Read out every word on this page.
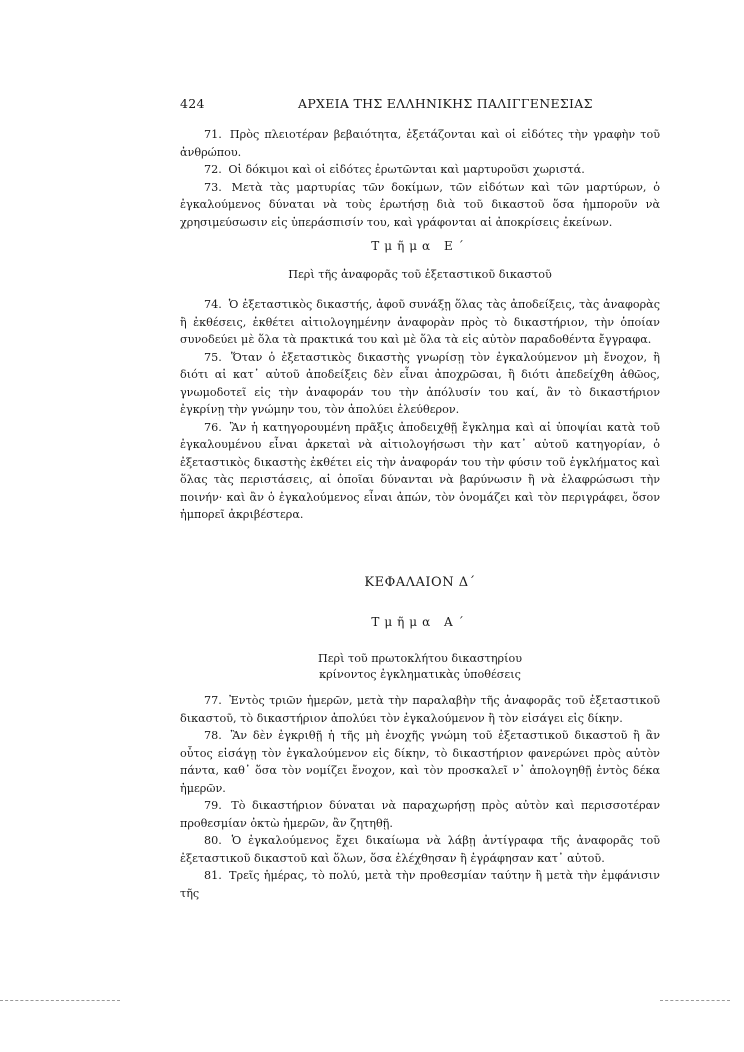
424	ΑΡΧΕΙΑ ΤΗΣ ΕΛΛΗΝΙΚΗΣ ΠΑΛΙΓΓΕΝΕΣΙΑΣ

71. Πρὸς πλειοτέραν βεβαιότητα, ἐξετάζονται καὶ οἱ εἰδότες τὴν γραφὴν τοῦ ἀνθρώπου.

72. Οἱ δόκιμοι καὶ οἱ εἰδότες ἐρωτῶνται καὶ μαρτυροῦσι χωριστά.

73. Μετὰ τὰς μαρτυρίας τῶν δοκίμων, τῶν εἰδότων καὶ τῶν μαρτύρων, ὁ ἐγκαλούμενος δύναται νὰ τοὺς ἐρωτήσῃ διὰ τοῦ δικαστοῦ ὅσα ἠμποροῦν νὰ χρησιμεύσωσιν εἰς ὑπεράσπισίν του, καὶ γράφονται αἱ ἀποκρίσεις ἐκείνων.

Τμῆμα Ε΄
Περὶ τῆς ἀναφορᾶς τοῦ ἐξεταστικοῦ δικαστοῦ

74. Ὁ ἐξεταστικὸς δικαστής, ἀφοῦ συνάξῃ ὅλας τὰς ἀποδείξεις, τὰς ἀναφορὰς ἢ ἐκθέσεις, ἐκθέτει αἰτιολογημένην ἀναφορὰν πρὸς τὸ δικαστήριον, τὴν ὁποίαν συνοδεύει μὲ ὅλα τὰ πρακτικά του καὶ μὲ ὅλα τὰ εἰς αὐτὸν παραδοθέντα ἔγγραφα.

75. Ὅταν ὁ ἐξεταστικὸς δικαστὴς γνωρίσῃ τὸν ἐγκαλούμενον μὴ ἔνοχον, ἢ διότι αἱ κατ᾽ αὐτοῦ ἀποδείξεις δὲν εἶναι ἀποχρῶσαι, ἢ διότι ἀπεδείχθη ἀθῶος, γνωμοδοτεῖ εἰς τὴν ἀναφοράν του τὴν ἀπόλυσίν του καί, ἂν τὸ δικαστήριον ἐγκρίνῃ τὴν γνώμην του, τὸν ἀπολύει ἐλεύθερον.

76. Ἂν ἡ κατηγορουμένη πρᾶξις ἀποδειχθῇ ἔγκλημα καὶ αἱ ὑποψίαι κατὰ τοῦ ἐγκαλουμένου εἶναι ἀρκεταὶ νὰ αἰτιολογήσωσι τὴν κατ᾽ αὐτοῦ κατηγορίαν, ὁ ἐξεταστικὸς δικαστὴς ἐκθέτει εἰς τὴν ἀναφοράν του τὴν φύσιν τοῦ ἐγκλήματος καὶ ὅλας τὰς περιστάσεις, αἱ ὁποῖαι δύνανται νὰ βαρύνωσιν ἢ νὰ ἐλαφρώσωσι τὴν ποινήν· καὶ ἂν ὁ ἐγκαλούμενος εἶναι ἀπών, τὸν ὀνομάζει καὶ τὸν περιγράφει, ὅσον ἠμπορεῖ ἀκριβέστερα.

ΚΕΦΑΛΑΙΟΝ Δ΄
Τμῆμα Α΄
Περὶ τοῦ πρωτοκλήτου δικαστηρίου
κρίνοντος ἐγκληματικὰς ὑποθέσεις

77. Ἐντὸς τριῶν ἡμερῶν, μετὰ τὴν παραλαβὴν τῆς ἀναφορᾶς τοῦ ἐξεταστικοῦ δικαστοῦ, τὸ δικαστήριον ἀπολύει τὸν ἐγκαλούμενον ἢ τὸν εἰσάγει εἰς δίκην.

78. Ἂν δὲν ἐγκριθῇ ἡ τῆς μὴ ἐνοχῆς γνώμη τοῦ ἐξεταστικοῦ δικαστοῦ ἢ ἂν οὗτος εἰσάγῃ τὸν ἐγκαλούμενον εἰς δίκην, τὸ δικαστήριον φανερώνει πρὸς αὐτὸν πάντα, καθ᾽ ὅσα τὸν νομίζει ἔνοχον, καὶ τὸν προσκαλεῖ ν᾽ ἀπολογηθῇ ἐντὸς δέκα ἡμερῶν.

79. Τὸ δικαστήριον δύναται νὰ παραχωρήσῃ πρὸς αὐτὸν καὶ περισσοτέραν προθεσμίαν ὀκτὼ ἡμερῶν, ἂν ζητηθῇ.

80. Ὁ ἐγκαλούμενος ἔχει δικαίωμα νὰ λάβῃ ἀντίγραφα τῆς ἀναφορᾶς τοῦ ἐξεταστικοῦ δικαστοῦ καὶ ὅλων, ὅσα ἐλέχθησαν ἢ ἐγράφησαν κατ᾽ αὐτοῦ.

81. Τρεῖς ἡμέρας, τὸ πολύ, μετὰ τὴν προθεσμίαν ταύτην ἢ μετὰ τὴν ἐμφάνισιν τῆς
